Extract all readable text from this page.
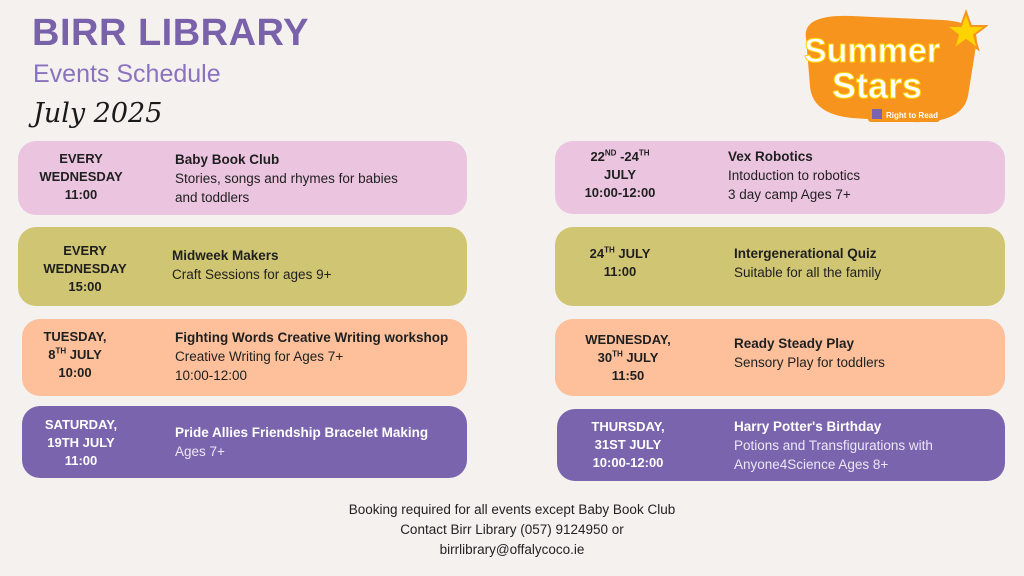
BIRR LIBRARY
Events Schedule
July 2025
Summer
Stars
Right to Read
EVERY
WEDNESDAY
11:00
Baby Book Club
Stories, songs and rhymes for babies
and toddlers
EVERY
WEDNESDAY
15:00
Midweek Makers
Craft Sessions for ages 9+
TUESDAY,
8TH JULY
10:00
Fighting Words Creative Writing workshop
Creative Writing for Ages 7+
10:00-12:00
SATURDAY,
19TH JULY
11:00
Pride Allies Friendship Bracelet Making
Ages 7+
22ND -24TH
JULY
10:00-12:00
Vex Robotics
Intoduction to robotics
3 day camp Ages 7+
24TH JULY
11:00
Intergenerational Quiz
Suitable for all the family
WEDNESDAY,
30TH JULY
11:50
Ready Steady Play
Sensory Play for toddlers
THURSDAY,
31ST JULY
10:00-12:00
Harry Potter's Birthday
Potions and Transfigurations with
Anyone4Science Ages 8+
Booking required for all events except Baby Book Club
Contact Birr Library (057) 9124950 or
birrlibrary@offalycoco.ie
